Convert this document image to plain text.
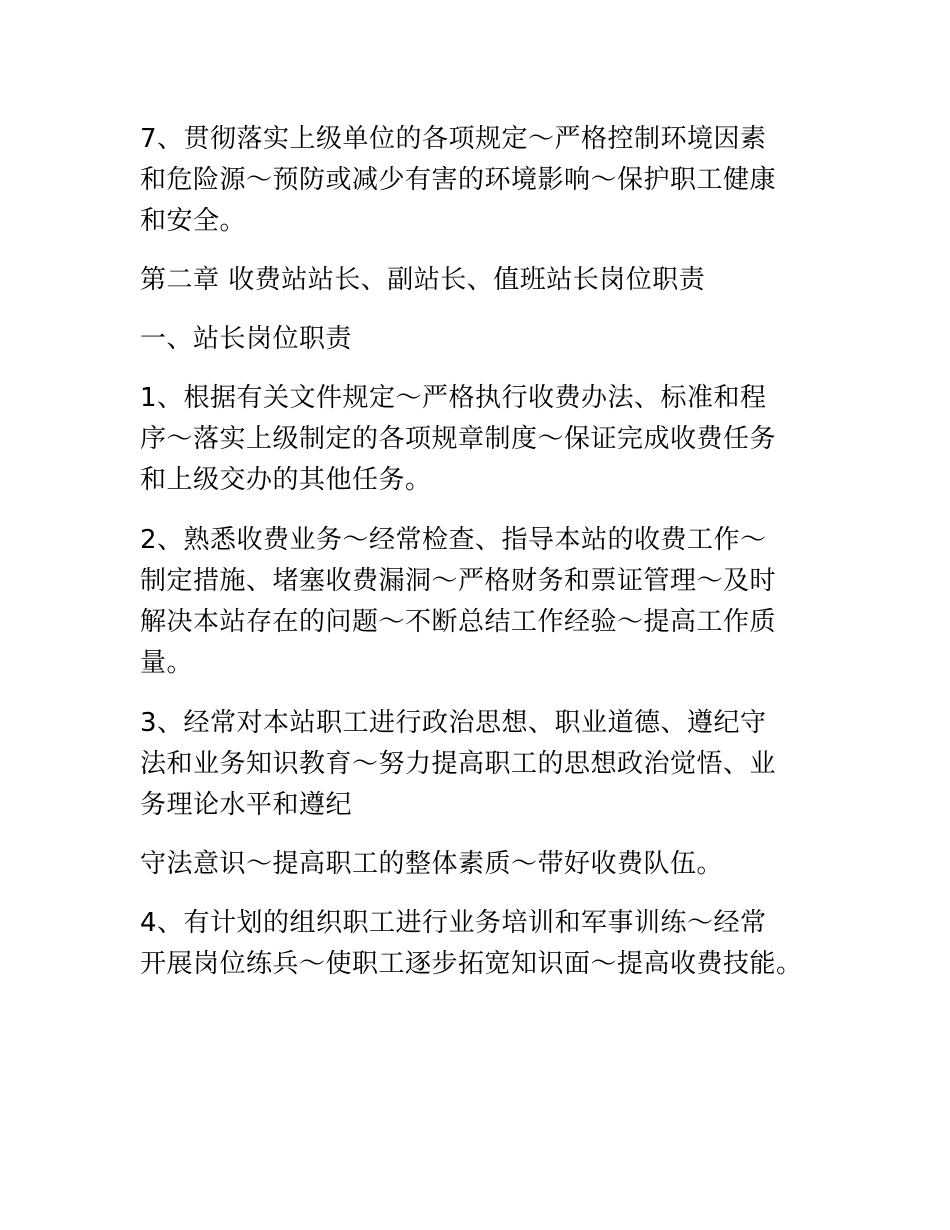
7、贯彻落实上级单位的各项规定～严格控制环境因素
和危险源～预防或减少有害的环境影响～保护职工健康
和安全。

第二章 收费站站长、副站长、值班站长岗位职责

一、站长岗位职责

1、根据有关文件规定～严格执行收费办法、标准和程
序～落实上级制定的各项规章制度～保证完成收费任务
和上级交办的其他任务。

2、熟悉收费业务～经常检查、指导本站的收费工作～
制定措施、堵塞收费漏洞～严格财务和票证管理～及时
解决本站存在的问题～不断总结工作经验～提高工作质
量。

3、经常对本站职工进行政治思想、职业道德、遵纪守
法和业务知识教育～努力提高职工的思想政治觉悟、业
务理论水平和遵纪

守法意识～提高职工的整体素质～带好收费队伍。

4、有计划的组织职工进行业务培训和军事训练～经常
开展岗位练兵～使职工逐步拓宽知识面～提高收费技能。
